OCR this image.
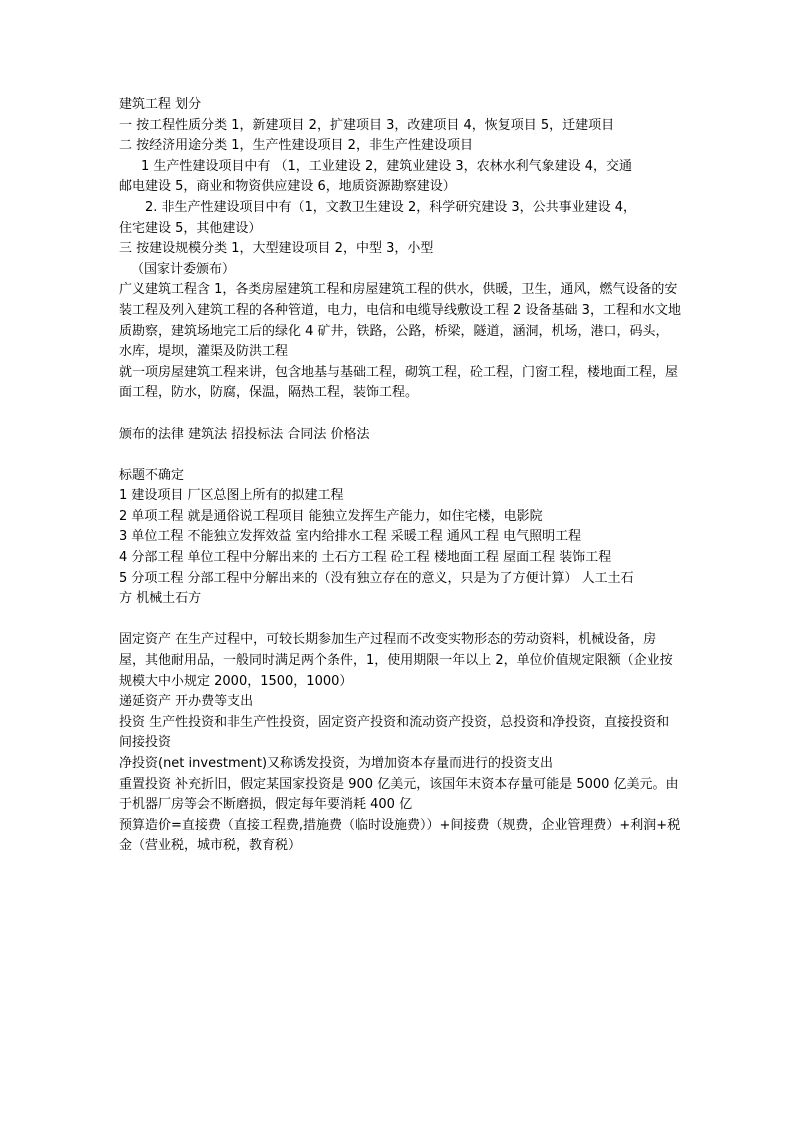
建筑工程 划分
一 按工程性质分类 1，新建项目 2，扩建项目 3，改建项目 4，恢复项目 5，迁建项目
二 按经济用途分类 1，生产性建设项目 2，非生产性建设项目
1 生产性建设项目中有 （1，工业建设 2，建筑业建设 3，农林水利气象建设 4，交通
邮电建设 5，商业和物资供应建设 6，地质资源勘察建设）
2. 非生产性建设项目中有（1，文教卫生建设 2，科学研究建设 3，公共事业建设 4，
住宅建设 5，其他建设）
三 按建设规模分类 1，大型建设项目 2，中型 3，小型
（国家计委颁布）
广义建筑工程含 1，各类房屋建筑工程和房屋建筑工程的供水，供暖，卫生，通风，燃气设备的安装工程及列入建筑工程的各种管道，电力，电信和电缆导线敷设工程 2 设备基础 3，工程和水文地质勘察，建筑场地完工后的绿化 4 矿井，铁路，公路，桥梁，隧道，涵洞，机场，港口，码头，水库，堤坝，灌渠及防洪工程
就一项房屋建筑工程来讲，包含地基与基础工程，砌筑工程，砼工程，门窗工程，楼地面工程，屋面工程，防水，防腐，保温，隔热工程，装饰工程。
颁布的法律 建筑法 招投标法 合同法 价格法
标题不确定
1 建设项目 厂区总图上所有的拟建工程
2 单项工程 就是通俗说工程项目 能独立发挥生产能力，如住宅楼，电影院
3 单位工程 不能独立发挥效益 室内给排水工程 采暖工程 通风工程 电气照明工程
4 分部工程 单位工程中分解出来的 土石方工程 砼工程 楼地面工程 屋面工程 装饰工程
5 分项工程 分部工程中分解出来的（没有独立存在的意义，只是为了方便计算） 人工土石
方 机械土石方
固定资产 在生产过程中，可较长期参加生产过程而不改变实物形态的劳动资料，机械设备，房屋，其他耐用品，一般同时满足两个条件，1，使用期限一年以上 2，单位价值规定限额（企业按规模大中小规定 2000，1500，1000）
递延资产 开办费等支出
投资 生产性投资和非生产性投资，固定资产投资和流动资产投资，总投资和净投资，直接投资和间接投资
净投资(net investment)又称诱发投资，为增加资本存量而进行的投资支出
重置投资 补充折旧，假定某国家投资是 900 亿美元，该国年末资本存量可能是 5000 亿美元。由于机器厂房等会不断磨损，假定每年要消耗 400 亿
预算造价=直接费（直接工程费,措施费（临时设施费））+间接费（规费，企业管理费）+利润+税金（营业税，城市税，教育税）
